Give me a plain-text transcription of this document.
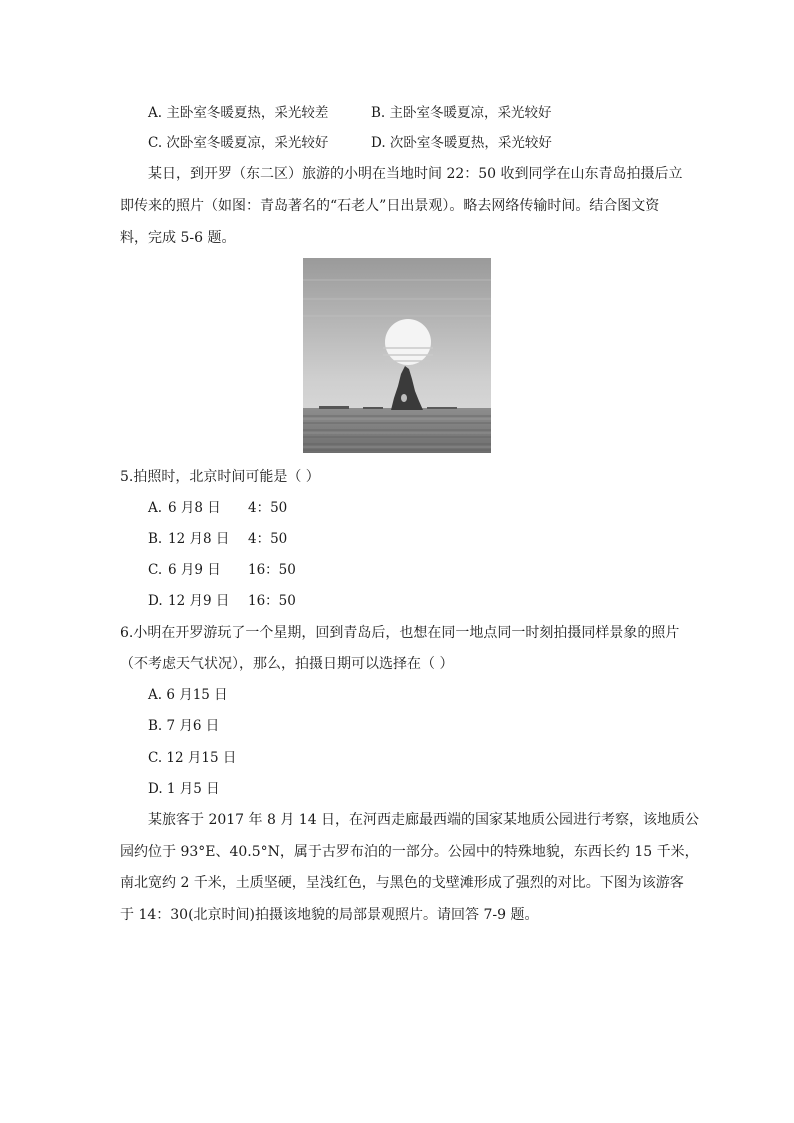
A. 主卧室冬暖夏热，采光较差	B. 主卧室冬暖夏凉，采光较好
C. 次卧室冬暖夏凉，采光较好	D. 次卧室冬暖夏热，采光较好
某日，到开罗（东二区）旅游的小明在当地时间 22：50 收到同学在山东青岛拍摄后立
即传来的照片（如图：青岛著名的“石老人”日出景观）。略去网络传输时间。结合图文资
料，完成 5-6 题。
5.拍照时，北京时间可能是（ ）
A. 6 月8 日 4：50
B. 12 月8 日 4：50
C. 6 月9 日 16：50
D. 12 月9 日 16：50
6.小明在开罗游玩了一个星期，回到青岛后，也想在同一地点同一时刻拍摄同样景象的照片
（不考虑天气状况），那么，拍摄日期可以选择在（ ）
A. 6 月15 日
B. 7 月6 日
C. 12 月15 日
D. 1 月5 日
某旅客于 2017 年 8 月 14 日，在河西走廊最西端的国家某地质公园进行考察，该地质公
园约位于 93°E、40.5°N，属于古罗布泊的一部分。公园中的特殊地貌，东西长约 15 千米，
南北宽约 2 千米，土质坚硬，呈浅红色，与黑色的戈壁滩形成了强烈的对比。下图为该游客
于 14：30(北京时间)拍摄该地貌的局部景观照片。请回答 7-9 题。
